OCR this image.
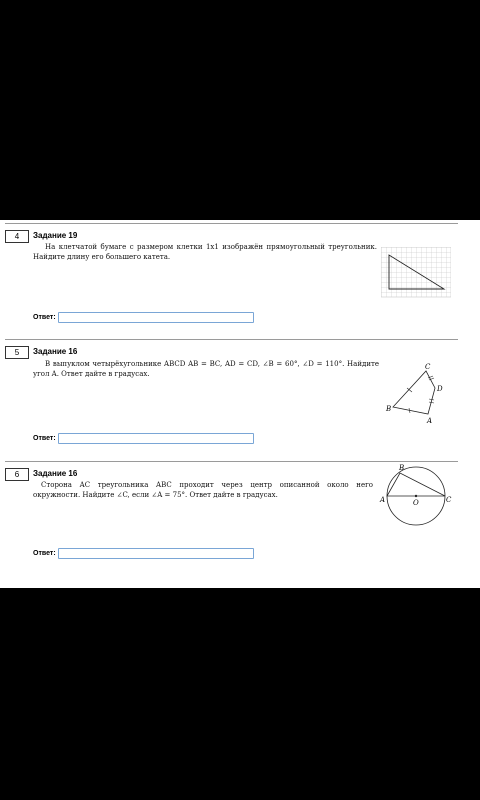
4	Задание 19
На клетчатой бумаге с размером клетки 1x1 изображён прямоугольный треугольник. Найдите длину его большего катета.
Ответ:
5	Задание 16
В выпуклом четырёхугольнике ABCD AB = BC, AD = CD, ∠B = 60°, ∠D = 110°. Найдите угол A. Ответ дайте в градусах.
C
B
D
A
Ответ:
6	Задание 16
Сторона AC треугольника ABC проходит через центр описанной около него окружности. Найдите ∠C, если ∠A = 75°. Ответ дайте в градусах.
B
A	C
O
Ответ:
